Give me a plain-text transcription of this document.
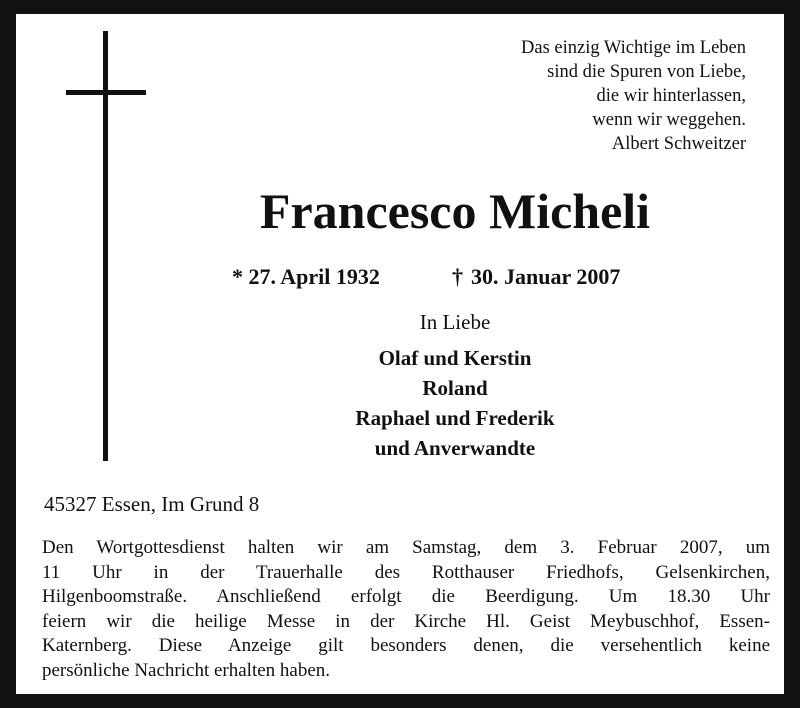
Das einzig Wichtige im Leben
sind die Spuren von Liebe,
die wir hinterlassen,
wenn wir weggehen.
Albert Schweitzer
Francesco Micheli
* 27. April 1932	† 30. Januar 2007
In Liebe
Olaf und Kerstin
Roland
Raphael und Frederik
und Anverwandte
45327 Essen, Im Grund 8
Den Wortgottesdienst halten wir am Samstag, dem 3. Februar 2007, um
11 Uhr in der Trauerhalle des Rotthauser Friedhofs, Gelsenkirchen,
Hilgenboomstraße. Anschließend erfolgt die Beerdigung. Um 18.30 Uhr
feiern wir die heilige Messe in der Kirche Hl. Geist Meybuschhof, Essen-
Katernberg. Diese Anzeige gilt besonders denen, die versehentlich keine
persönliche Nachricht erhalten haben.
